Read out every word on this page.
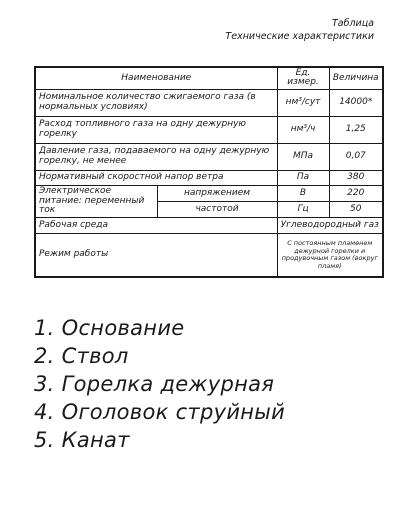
Таблица
Технические характеристики
Наименование		Ед. измер.	Величина
Номинальное количество сжигаемого газа (в нормальных условиях)		нм³/сут	14000*
Расход топливного газа на одну дежурную горелку		нм³/ч	1,25
Давление газа, подаваемого на одну дежурную горелку, не менее		МПа	0,07
Нормативный скоростной напор ветра		Па	380
Электрическое питание: переменный ток	напряжением	В	220
	частотой	Гц	50
Рабочая среда		Углеводородный газ	
Режим работы		С постоянным пламенем дежурной горелки и продувочным газом (вокруг пламя)	
1. Основание
2. Ствол
3. Горелка дежурная
4. Оголовок струйный
5. Канат
